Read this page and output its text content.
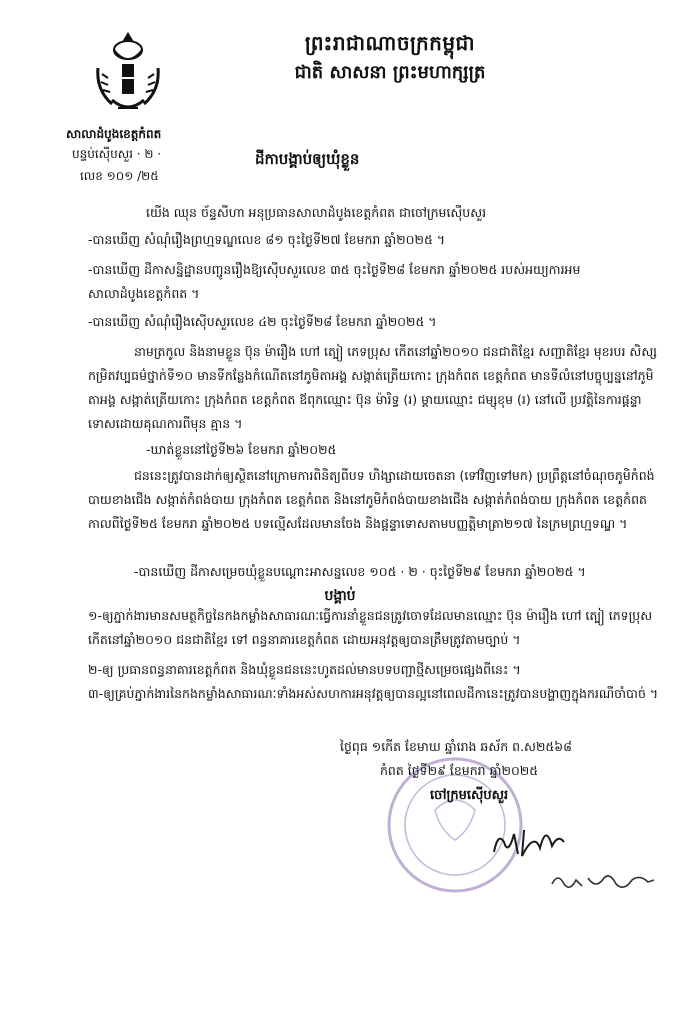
ព្រះរាជាណាចក្រកម្ពុជា
ជាតិ សាសនា ព្រះមហាក្សត្រ
សាលាដំបូងខេត្តកំពត
បន្ទប់ស៊ើបសួរ · ២ ·
លេខ ១០១ /២៥
ដីកាបង្គាប់ឲ្យឃុំខ្លួន
យើង ឈុន ច័ន្ទសីហា អនុប្រធានសាលាដំបូងខេត្តកំពត ជាចៅក្រមស៊ើបសួរ
-បានឃើញ សំណុំរឿងព្រហ្មទណ្ឌលេខ ៨១ ចុះថ្ងៃទី២៧ ខែមករា ឆ្នាំ២០២៥ ។
-បានឃើញ ដីកាសន្និដ្ឋានបញ្ជូនរឿងឱ្យស៊ើបសួរលេខ ៣៥ ចុះថ្ងៃទី២៨ ខែមករា ឆ្នាំ២០២៥ របស់អយ្យការអម
សាលាដំបូងខេត្តកំពត ។
-បានឃើញ សំណុំរឿងស៊ើបសួរលេខ ៤២ ចុះថ្ងៃទី២៨ ខែមករា ឆ្នាំ២០២៥ ។
នាមត្រកូល និងនាមខ្លួន ប៊ុន ម៉ារឿង ហៅ ត្បៀ ភេទប្រុស កើតនៅឆ្នាំ២០១០ ជនជាតិខ្មែរ សញ្ជាតិខ្មែរ មុខរបរ សិស្ស កម្រិតវប្បធម៌ថ្នាក់ទី១០ មានទីកន្លែងកំណើតនៅភូមិតាអង្គ សង្កាត់ត្រើយកោះ ក្រុងកំពត ខេត្តកំពត មានទីលំនៅបច្ចុប្បន្ននៅភូមិតាអង្គ សង្កាត់ត្រើយកោះ ក្រុងកំពត ខេត្តកំពត ឪពុកឈ្មោះ ប៊ុន ម៉ារិទ្ធ (រ) ម្ដាយឈ្មោះ ជម្សុខុម (រ) នៅលើ ប្រវត្តិនៃការផ្ដន្ទាទោសដោយគុណការពីមុន គ្មាន ។
-ឃាត់ខ្លួននៅថ្ងៃទី២៦ ខែមករា ឆ្នាំ២០២៥
ជននេះត្រូវបានដាក់ឲ្យស្ថិតនៅក្រោមការពិនិត្យពីបទ ហិង្សាដោយចេតនា (ទៅវិញទៅមក) ប្រព្រឹត្តនៅចំណុចភូមិកំពង់បាយខាងជើង សង្កាត់កំពង់បាយ ក្រុងកំពត ខេត្តកំពត និងនៅភូមិកំពង់បាយខាងជើង សង្កាត់កំពង់បាយ ក្រុងកំពត ខេត្តកំពត កាលពីថ្ងៃទី២៥ ខែមករា ឆ្នាំ២០២៥ បទល្មើសដែលមានចែង និងផ្ដន្ទាទោសតាមបញ្ញត្តិមាត្រា២១៧ នៃក្រមព្រហ្មទណ្ឌ ។
-បានឃើញ ដីកាសម្រេចឃុំខ្លួនបណ្ដោះអាសន្នលេខ ១០៥ · ២ · ចុះថ្ងៃទី២៩ ខែមករា ឆ្នាំ២០២៥ ។
បង្គាប់
១-ឲ្យភ្នាក់ងារមានសមត្ថកិច្ចនៃកងកម្លាំងសាធារណៈធ្វើការនាំខ្លួនជនត្រូវចោទដែលមានឈ្មោះ ប៊ុន ម៉ារឿង ហៅ ត្បៀ ភេទប្រុស កើតនៅឆ្នាំ២០១០ ជនជាតិខ្មែរ ទៅ ពន្ធនាគារខេត្តកំពត ដោយអនុវត្តឲ្យបានត្រឹមត្រូវតាមច្បាប់ ។
២-ឲ្យ ប្រធានពន្ធនាគារខេត្តកំពត និងឃុំខ្លួនជននេះហូតដល់មានបទបញ្ជាថ្មីសម្រេចផ្សេងពីនេះ ។
៣-ឲ្យគ្រប់ភ្នាក់ងារនៃកងកម្លាំងសាធារណៈទាំងអស់សហការអនុវត្តឲ្យបានល្អនៅពេលដីកានេះត្រូវបានបង្ហាញក្នុងករណីចាំបាច់ ។
ថ្ងៃពុធ ១កើត ខែមាឃ ឆ្នាំរោង ឆស័ក ព.ស២៥៦៨
កំពត ថ្ងៃទី២៩ ខែមករា ឆ្នាំ២០២៥
ចៅក្រមស៊ើបសួរ
